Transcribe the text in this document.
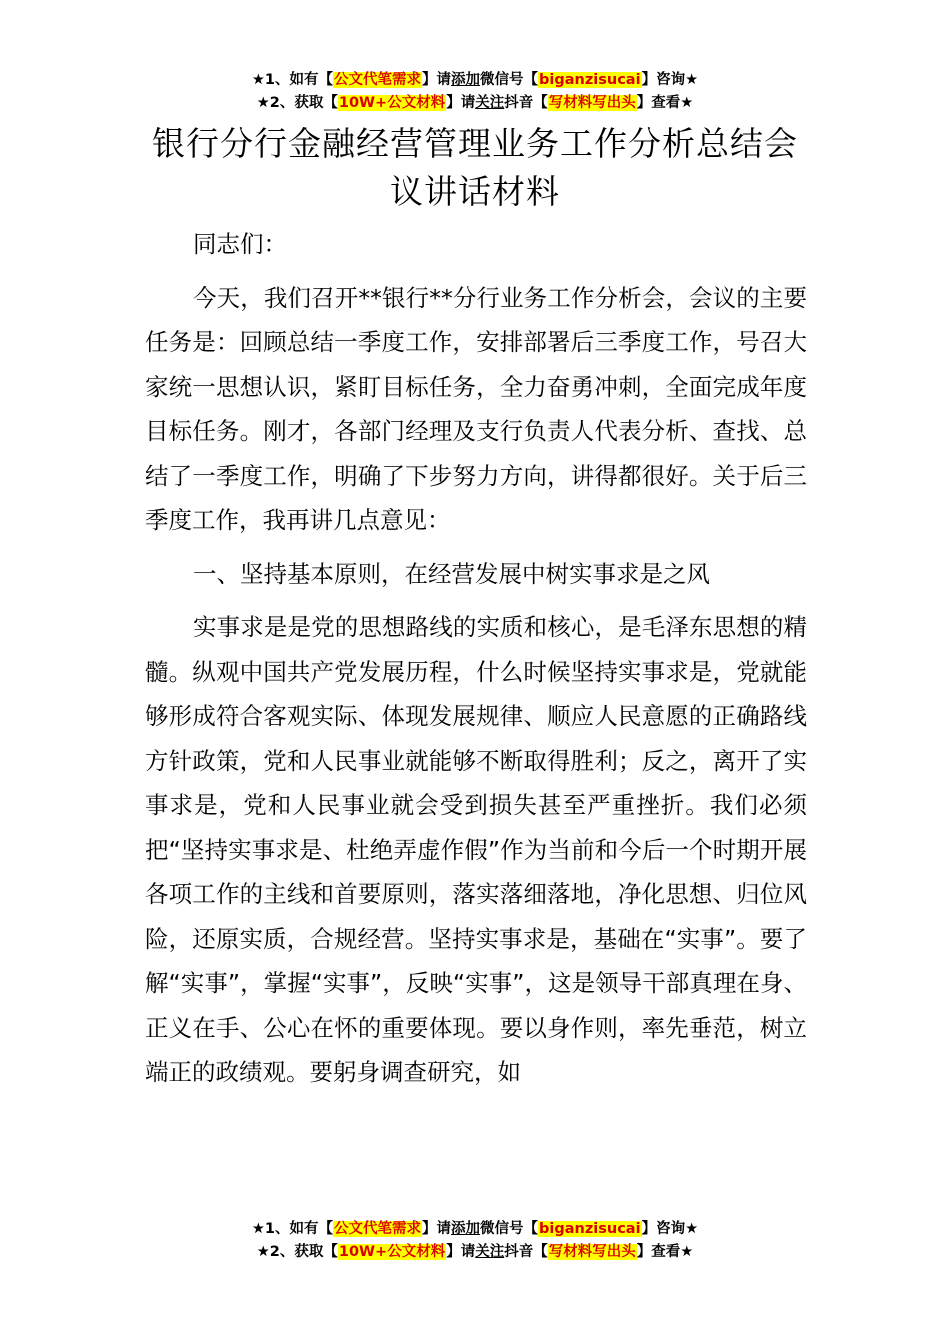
★1、如有【公文代笔需求】请添加微信号【biganzisucai】咨询★
★2、获取【10W+公文材料】请关注抖音【写材料写出头】查看★
银行分行金融经营管理业务工作分析总结会
议讲话材料

同志们：

今天，我们召开**银行**分行业务工作分析会，会议的主要任务是：回顾总结一季度工作，安排部署后三季度工作，号召大家统一思想认识，紧盯目标任务，全力奋勇冲刺，全面完成年度目标任务。刚才，各部门经理及支行负责人代表分析、查找、总结了一季度工作，明确了下步努力方向，讲得都很好。关于后三季度工作，我再讲几点意见：

一、坚持基本原则，在经营发展中树实事求是之风

实事求是是党的思想路线的实质和核心，是毛泽东思想的精髓。纵观中国共产党发展历程，什么时候坚持实事求是，党就能够形成符合客观实际、体现发展规律、顺应人民意愿的正确路线方针政策，党和人民事业就能够不断取得胜利；反之，离开了实事求是，党和人民事业就会受到损失甚至严重挫折。我们必须把“坚持实事求是、杜绝弄虚作假”作为当前和今后一个时期开展各项工作的主线和首要原则，落实落细落地，净化思想、归位风险，还原实质，合规经营。坚持实事求是，基础在“实事”。要了解“实事”，掌握“实事”，反映“实事”，这是领导干部真理在身、正义在手、公心在怀的重要体现。要以身作则，率先垂范，树立端正的政绩观。要躬身调查研究，如

★1、如有【公文代笔需求】请添加微信号【biganzisucai】咨询★
★2、获取【10W+公文材料】请关注抖音【写材料写出头】查看★
